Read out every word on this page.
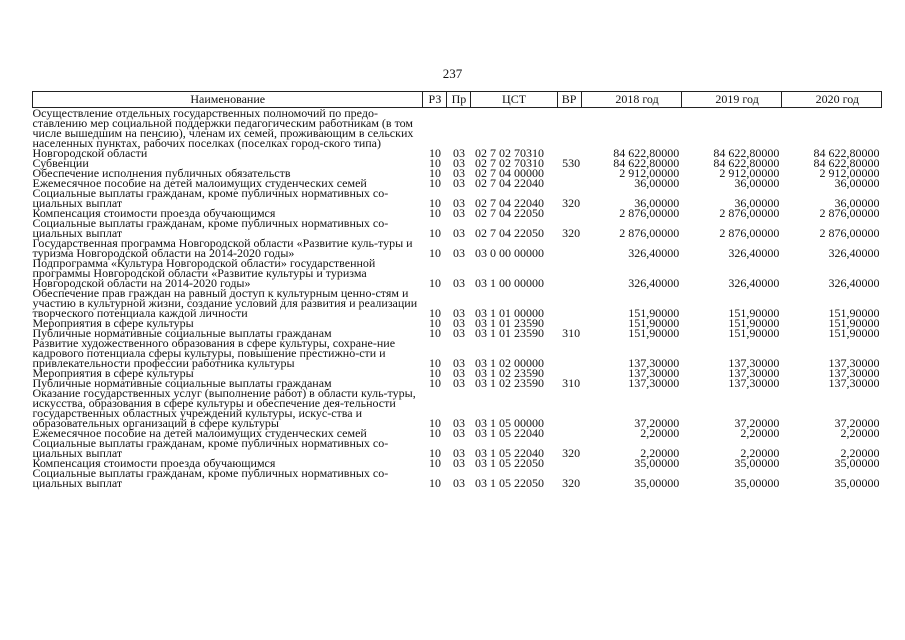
237
Наименование	РЗ	Пр	ЦСТ	ВР	2018 год	2019 год	2020 год
Осуществление отдельных государственных полномочий по предо-ставлению мер социальной поддержки педагогическим работникам (в том числе вышедшим на пенсию), членам их семей, проживающим в сельских населенных пунктах, рабочих поселках (поселках город-ского типа) Новгородской области	10	03	02 7 02 70310		84 622,80000	84 622,80000	84 622,80000
Субвенции	10	03	02 7 02 70310	530	84 622,80000	84 622,80000	84 622,80000
Обеспечение исполнения публичных обязательств	10	03	02 7 04 00000		2 912,00000	2 912,00000	2 912,00000
Ежемесячное пособие на детей малоимущих студенческих семей	10	03	02 7 04 22040		36,00000	36,00000	36,00000
Социальные выплаты гражданам, кроме публичных нормативных со-циальных выплат	10	03	02 7 04 22040	320	36,00000	36,00000	36,00000
Компенсация стоимости проезда обучающимся	10	03	02 7 04 22050		2 876,00000	2 876,00000	2 876,00000
Социальные выплаты гражданам, кроме публичных нормативных со-циальных выплат	10	03	02 7 04 22050	320	2 876,00000	2 876,00000	2 876,00000
Государственная программа Новгородской области «Развитие куль-туры и туризма Новгородской области на 2014-2020 годы»	10	03	03 0 00 00000		326,40000	326,40000	326,40000
Подпрограмма «Культура Новгородской области» государственной программы Новгородской области «Развитие культуры и туризма Новгородской области на 2014-2020 годы»	10	03	03 1 00 00000		326,40000	326,40000	326,40000
Обеспечение прав граждан на равный доступ к культурным ценно-стям и участию в культурной жизни, создание условий для развития и реализации творческого потенциала каждой личности	10	03	03 1 01 00000		151,90000	151,90000	151,90000
Мероприятия в сфере культуры	10	03	03 1 01 23590		151,90000	151,90000	151,90000
Публичные нормативные социальные выплаты гражданам	10	03	03 1 01 23590	310	151,90000	151,90000	151,90000
Развитие художественного образования в сфере культуры, сохране-ние кадрового потенциала сферы культуры, повышение престижно-сти и привлекательности профессии работника культуры	10	03	03 1 02 00000		137,30000	137,30000	137,30000
Мероприятия в сфере культуры	10	03	03 1 02 23590		137,30000	137,30000	137,30000
Публичные нормативные социальные выплаты гражданам	10	03	03 1 02 23590	310	137,30000	137,30000	137,30000
Оказание государственных услуг (выполнение работ) в области куль-туры, искусства, образования в сфере культуры и обеспечение дея-тельности государственных областных учреждений культуры, искус-ства и образовательных организаций в сфере культуры	10	03	03 1 05 00000		37,20000	37,20000	37,20000
Ежемесячное пособие на детей малоимущих студенческих семей	10	03	03 1 05 22040		2,20000	2,20000	2,20000
Социальные выплаты гражданам, кроме публичных нормативных со-циальных выплат	10	03	03 1 05 22040	320	2,20000	2,20000	2,20000
Компенсация стоимости проезда обучающимся	10	03	03 1 05 22050		35,00000	35,00000	35,00000
Социальные выплаты гражданам, кроме публичных нормативных со-циальных выплат	10	03	03 1 05 22050	320	35,00000	35,00000	35,00000
